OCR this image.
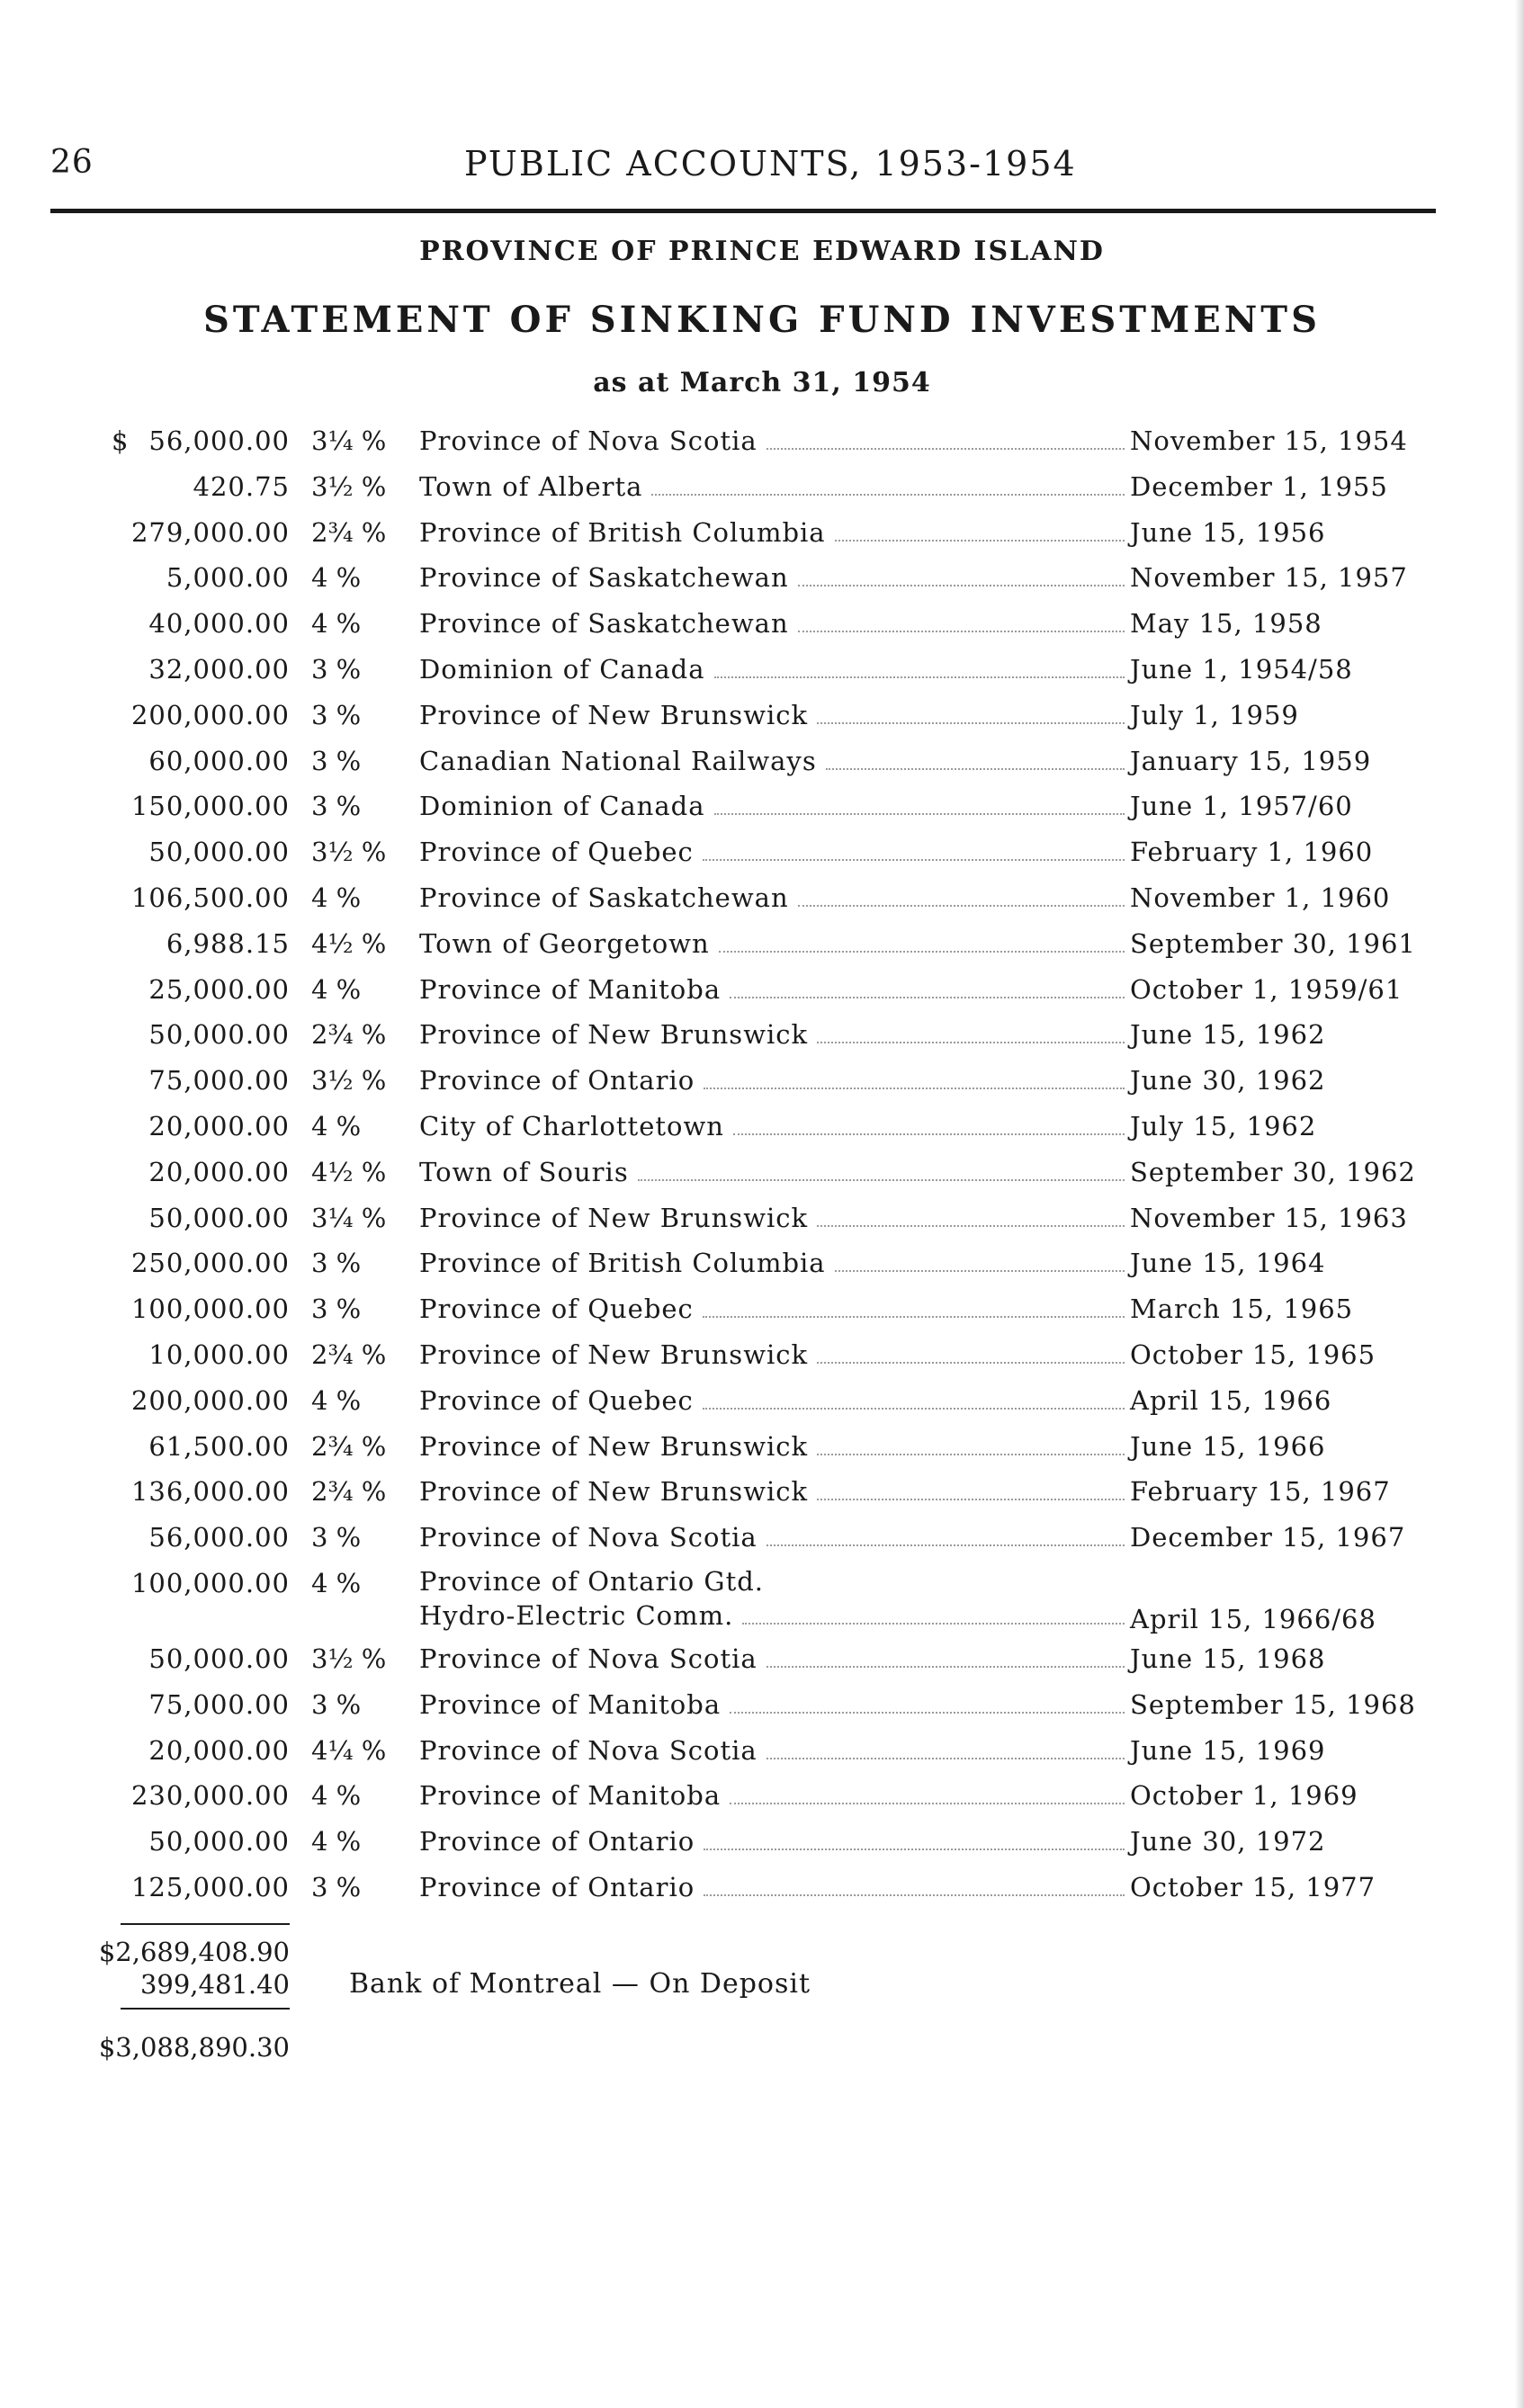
26	PUBLIC ACCOUNTS, 1953-1954
PROVINCE OF PRINCE EDWARD ISLAND
STATEMENT OF SINKING FUND INVESTMENTS
as at March 31, 1954
$ 56,000.00 3¼ % Province of Nova Scotia	November 15, 1954
420.75 3½ % Town of Alberta	December 1, 1955
279,000.00 2¾ % Province of British Columbia	June 15, 1956
5,000.00 4 % Province of Saskatchewan	November 15, 1957
40,000.00 4 % Province of Saskatchewan	May 15, 1958
32,000.00 3 % Dominion of Canada	June 1, 1954/58
200,000.00 3 % Province of New Brunswick	July 1, 1959
60,000.00 3 % Canadian National Railways	January 15, 1959
150,000.00 3 % Dominion of Canada	June 1, 1957/60
50,000.00 3½ % Province of Quebec	February 1, 1960
106,500.00 4 % Province of Saskatchewan	November 1, 1960
6,988.15 4½ % Town of Georgetown	September 30, 1961
25,000.00 4 % Province of Manitoba	October 1, 1959/61
50,000.00 2¾ % Province of New Brunswick	June 15, 1962
75,000.00 3½ % Province of Ontario	June 30, 1962
20,000.00 4 % City of Charlottetown	July 15, 1962
20,000.00 4½ % Town of Souris	September 30, 1962
50,000.00 3¼ % Province of New Brunswick	November 15, 1963
250,000.00 3 % Province of British Columbia	June 15, 1964
100,000.00 3 % Province of Quebec	March 15, 1965
10,000.00 2¾ % Province of New Brunswick	October 15, 1965
200,000.00 4 % Province of Quebec	April 15, 1966
61,500.00 2¾ % Province of New Brunswick	June 15, 1966
136,000.00 2¾ % Province of New Brunswick	February 15, 1967
56,000.00 3 % Province of Nova Scotia	December 15, 1967
100,000.00 4 % Province of Ontario Gtd.
Hydro-Electric Comm.	April 15, 1966/68
50,000.00 3½ % Province of Nova Scotia	June 15, 1968
75,000.00 3 % Province of Manitoba	September 15, 1968
20,000.00 4¼ % Province of Nova Scotia	June 15, 1969
230,000.00 4 % Province of Manitoba	October 1, 1969
50,000.00 4 % Province of Ontario	June 30, 1972
125,000.00 3 % Province of Ontario	October 15, 1977
$2,689,408.90
399,481.40 Bank of Montreal — On Deposit
$3,088,890.30
